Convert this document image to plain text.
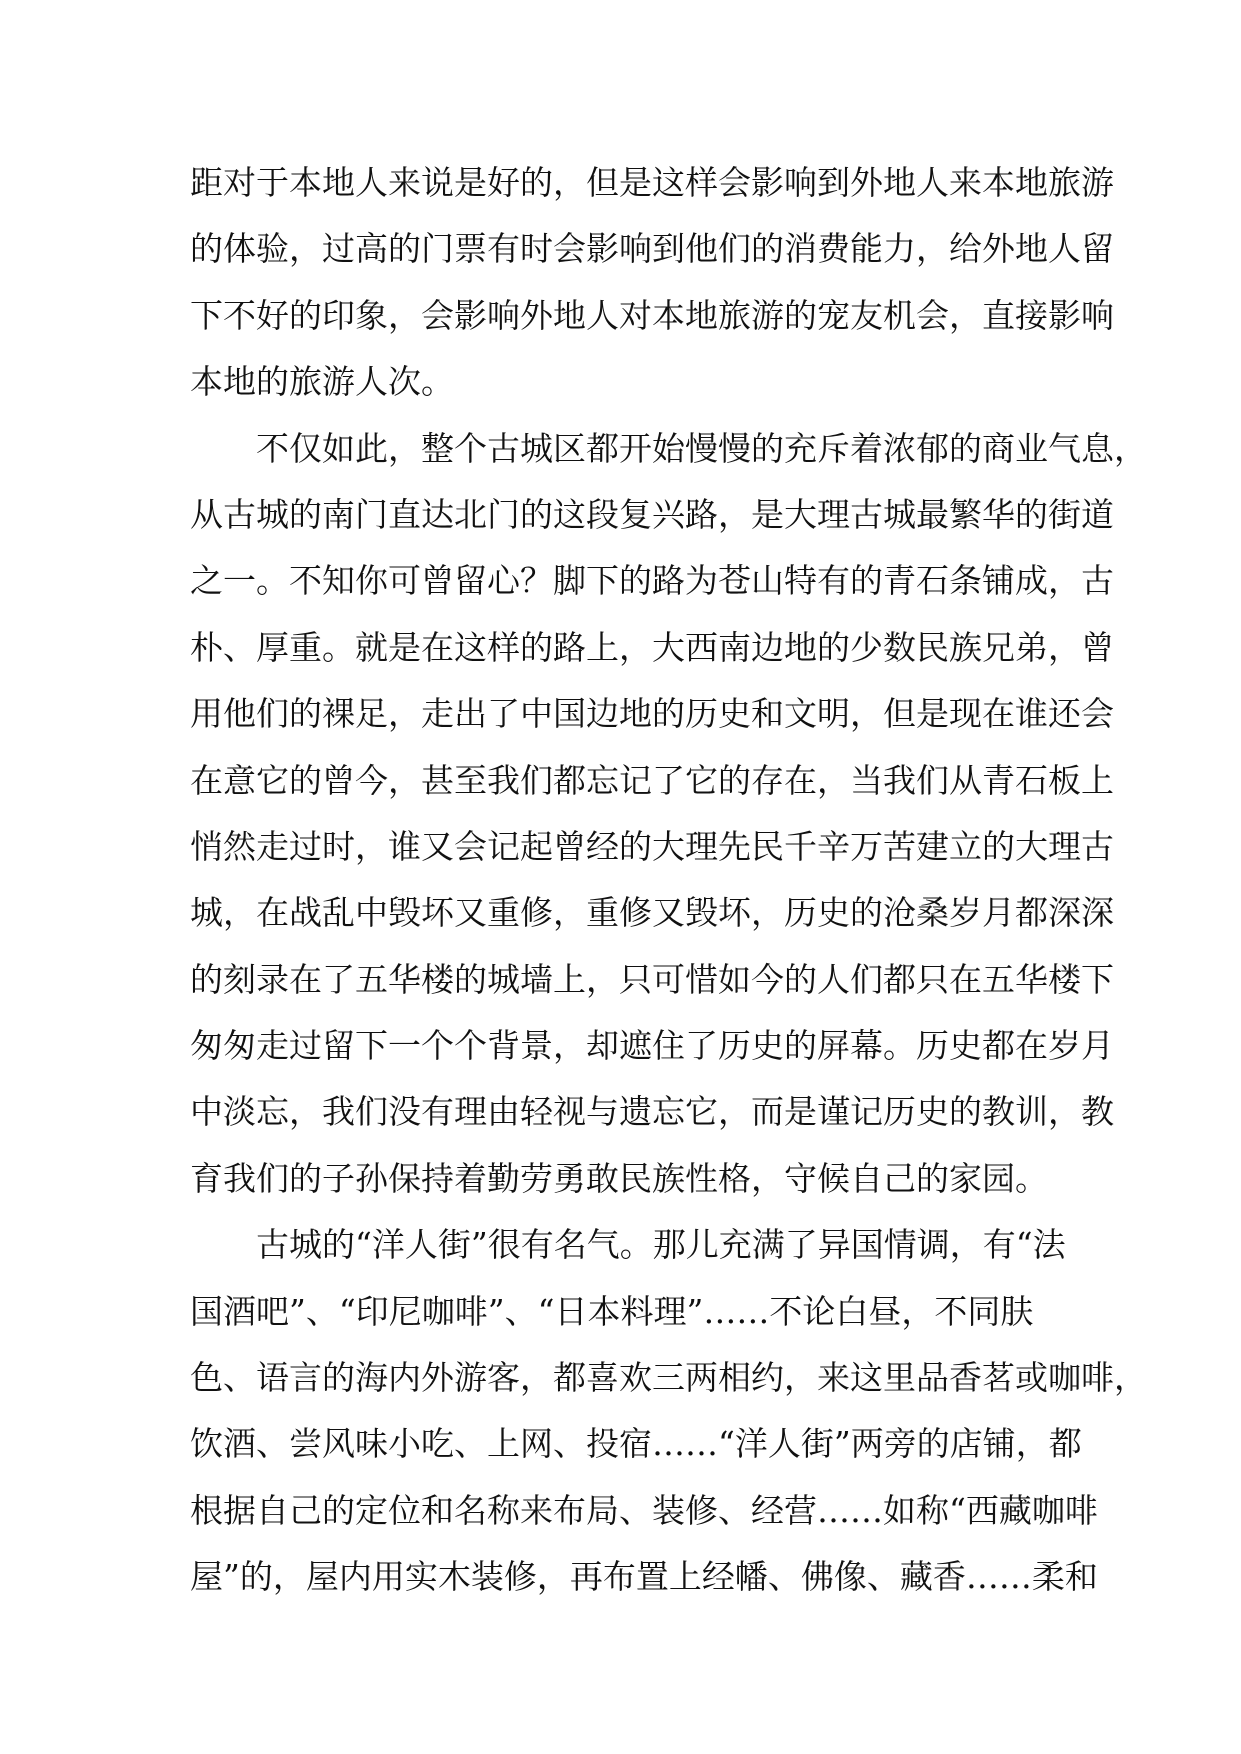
距对于本地人来说是好的，但是这样会影响到外地人来本地旅游
的体验，过高的门票有时会影响到他们的消费能力，给外地人留
下不好的印象，会影响外地人对本地旅游的宠友机会，直接影响
本地的旅游人次。
　　不仅如此，整个古城区都开始慢慢的充斥着浓郁的商业气息，
从古城的南门直达北门的这段复兴路，是大理古城最繁华的街道
之一。不知你可曾留心？脚下的路为苍山特有的青石条铺成，古
朴、厚重。就是在这样的路上，大西南边地的少数民族兄弟，曾
用他们的裸足，走出了中国边地的历史和文明，但是现在谁还会
在意它的曾今，甚至我们都忘记了它的存在，当我们从青石板上
悄然走过时，谁又会记起曾经的大理先民千辛万苦建立的大理古
城，在战乱中毁坏又重修，重修又毁坏，历史的沧桑岁月都深深
的刻录在了五华楼的城墙上，只可惜如今的人们都只在五华楼下
匆匆走过留下一个个背景，却遮住了历史的屏幕。历史都在岁月
中淡忘，我们没有理由轻视与遗忘它，而是谨记历史的教训，教
育我们的子孙保持着勤劳勇敢民族性格，守候自己的家园。
　　古城的“洋人街”很有名气。那儿充满了异国情调，有“法
国酒吧”、“印尼咖啡”、“日本料理”……不论白昼，不同肤
色、语言的海内外游客，都喜欢三两相约，来这里品香茗或咖啡，
饮酒、尝风味小吃、上网、投宿……“洋人街”两旁的店铺，都
根据自己的定位和名称来布局、装修、经营……如称“西藏咖啡
屋”的，屋内用实木装修，再布置上经幡、佛像、藏香……柔和
